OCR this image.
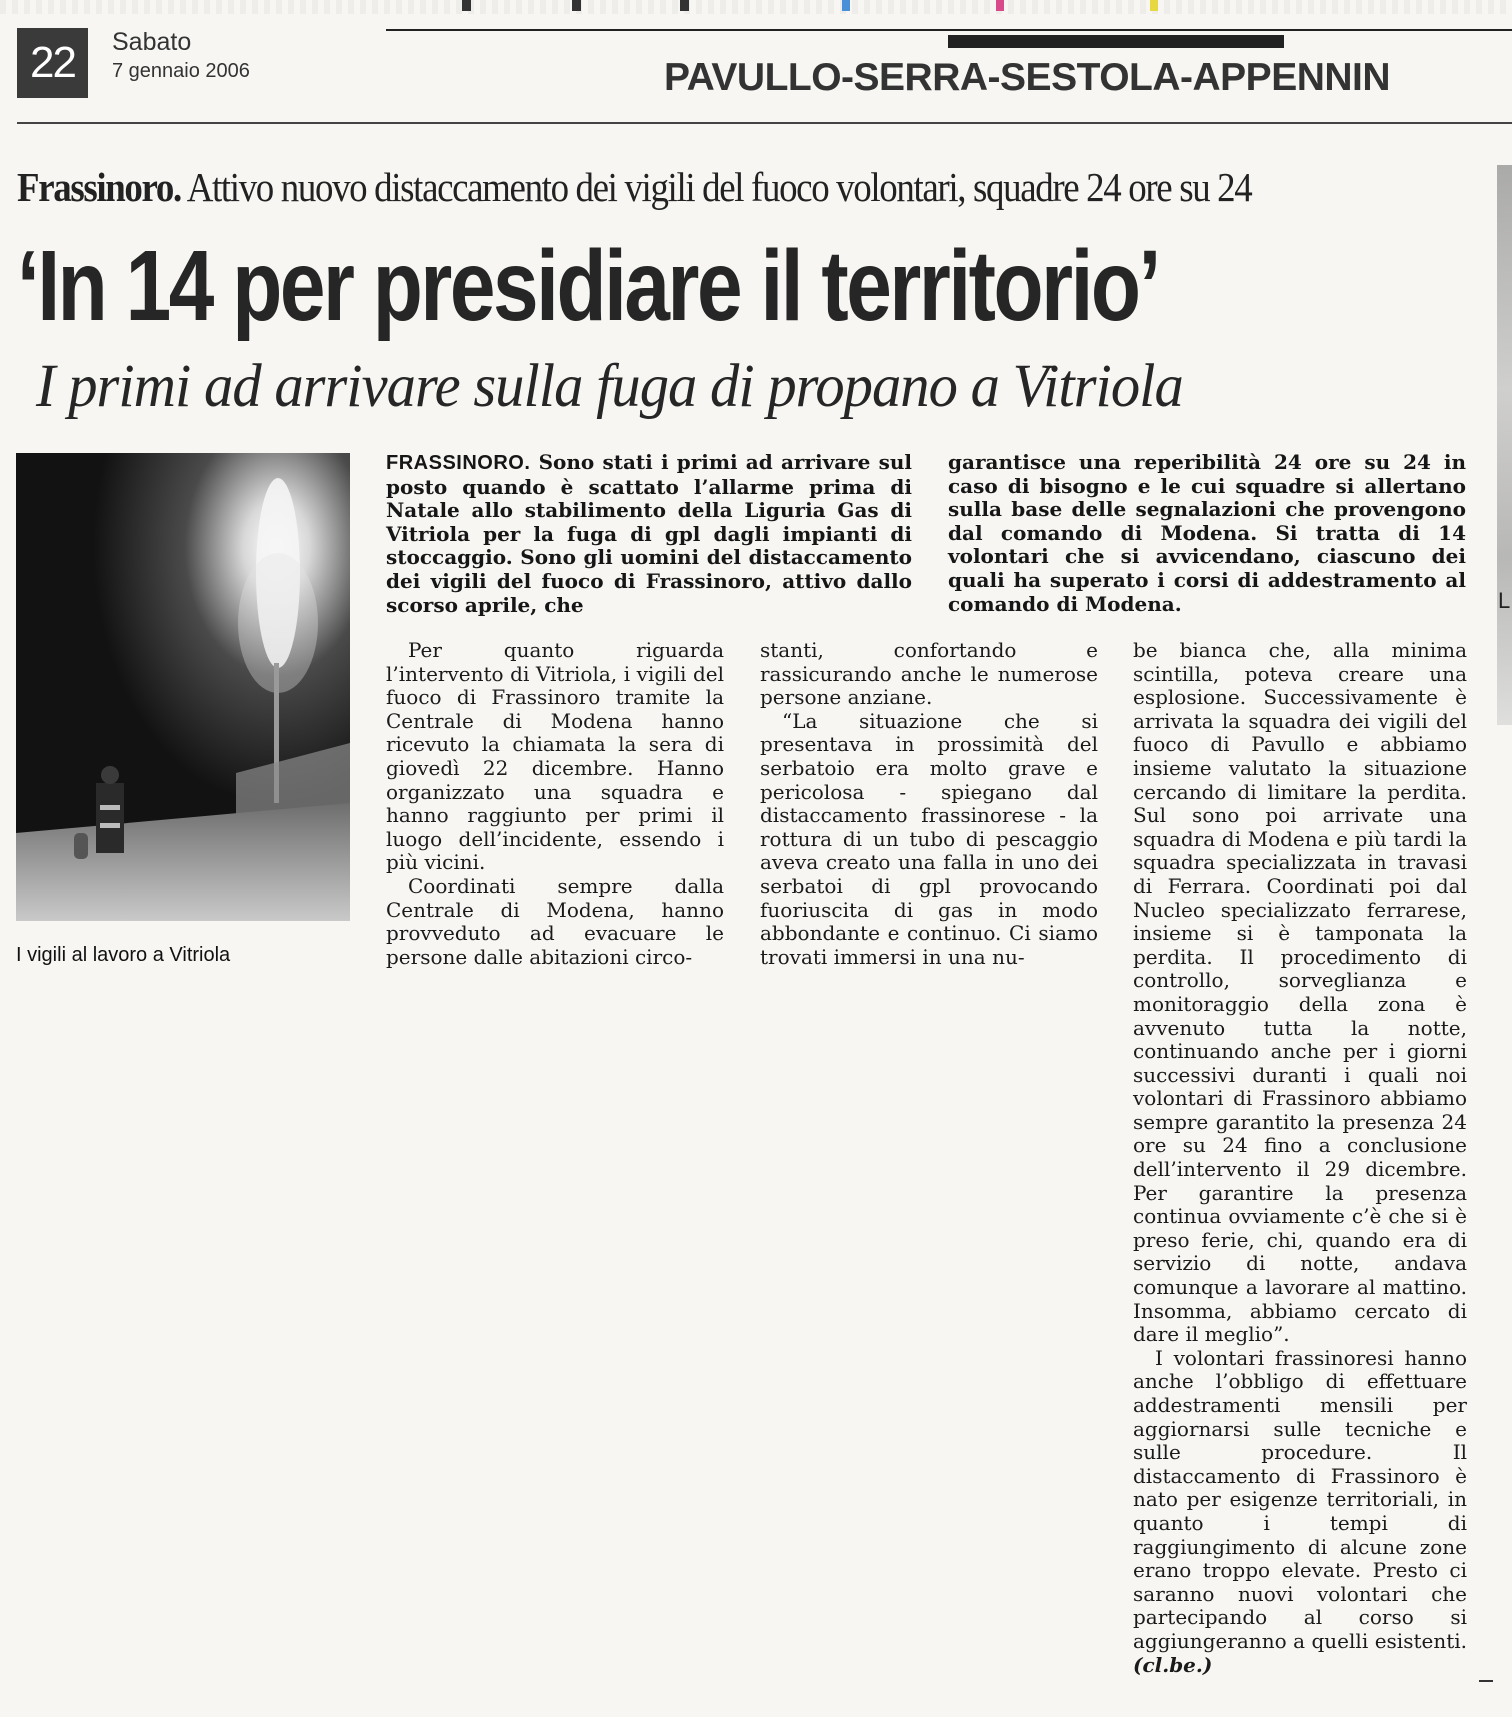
22	Sabato
7 gennaio 2006	PAVULLO-SERRA-SESTOLA-APPENNIN
Frassinoro. Attivo nuovo distaccamento dei vigili del fuoco volontari, squadre 24 ore su 24
‘In 14 per presidiare il territorio’
I primi ad arrivare sulla fuga di propano a Vitriola
L
I vigili al lavoro a Vitriola
FRASSINORO. Sono stati i primi ad arrivare sul posto quando è scattato l’allarme prima di Natale allo stabilimento della Liguria Gas di Vitriola per la fuga di gpl dagli impianti di stoccaggio. Sono gli uomini del distaccamento dei vigili del fuoco di Frassinoro, attivo dallo scorso aprile, che
garantisce una reperibilità 24 ore su 24 in caso di bisogno e le cui squadre si allertano sulla base delle segnalazioni che provengono dal comando di Modena. Si tratta di 14 volontari che si avvicendano, ciascuno dei quali ha superato i corsi di addestramento al comando di Modena.

Per quanto riguarda l’intervento di Vitriola, i vigili del fuoco di Frassinoro tramite la Centrale di Modena hanno ricevuto la chiamata la sera di giovedì 22 dicembre. Hanno organizzato una squadra e hanno raggiunto per primi il luogo dell’incidente, essendo i più vicini.

Coordinati sempre dalla Centrale di Modena, hanno provveduto ad evacuare le persone dalle abitazioni circo-

stanti, confortando e rassicurando anche le numerose persone anziane.

“La situazione che si presentava in prossimità del serbatoio era molto grave e pericolosa - spiegano dal distaccamento frassinorese - la rottura di un tubo di pescaggio aveva creato una falla in uno dei serbatoi di gpl provocando fuoriuscita di gas in modo abbondante e continuo. Ci siamo trovati immersi in una nu-

be bianca che, alla minima scintilla, poteva creare una esplosione. Successivamente è arrivata la squadra dei vigili del fuoco di Pavullo e abbiamo insieme valutato la situazione cercando di limitare la perdita. Sul sono poi arrivate una squadra di Modena e più tardi la squadra specializzata in travasi di Ferrara. Coordinati poi dal Nucleo specializzato ferrarese, insieme si è tamponata la perdita. Il procedimento di controllo, sorveglianza e monitoraggio della zona è avvenuto tutta la notte, continuando anche per i giorni successivi duranti i quali noi volontari di Frassinoro abbiamo sempre garantito la presenza 24 ore su 24 fino a conclusione dell’intervento il 29 dicembre. Per garantire la presenza continua ovviamente c’è che si è preso ferie, chi, quando era di servizio di notte, andava comunque a lavorare al mattino. Insomma, abbiamo cercato di dare il meglio”.

I volontari frassinoresi hanno anche l’obbligo di effettuare addestramenti mensili per aggiornarsi sulle tecniche e sulle procedure. Il distaccamento di Frassinoro è nato per esigenze territoriali, in quanto i tempi di raggiungimento di alcune zone erano troppo elevate. Presto ci saranno nuovi volontari che partecipando al corso si aggiungeranno a quelli esistenti. (cl.be.)
